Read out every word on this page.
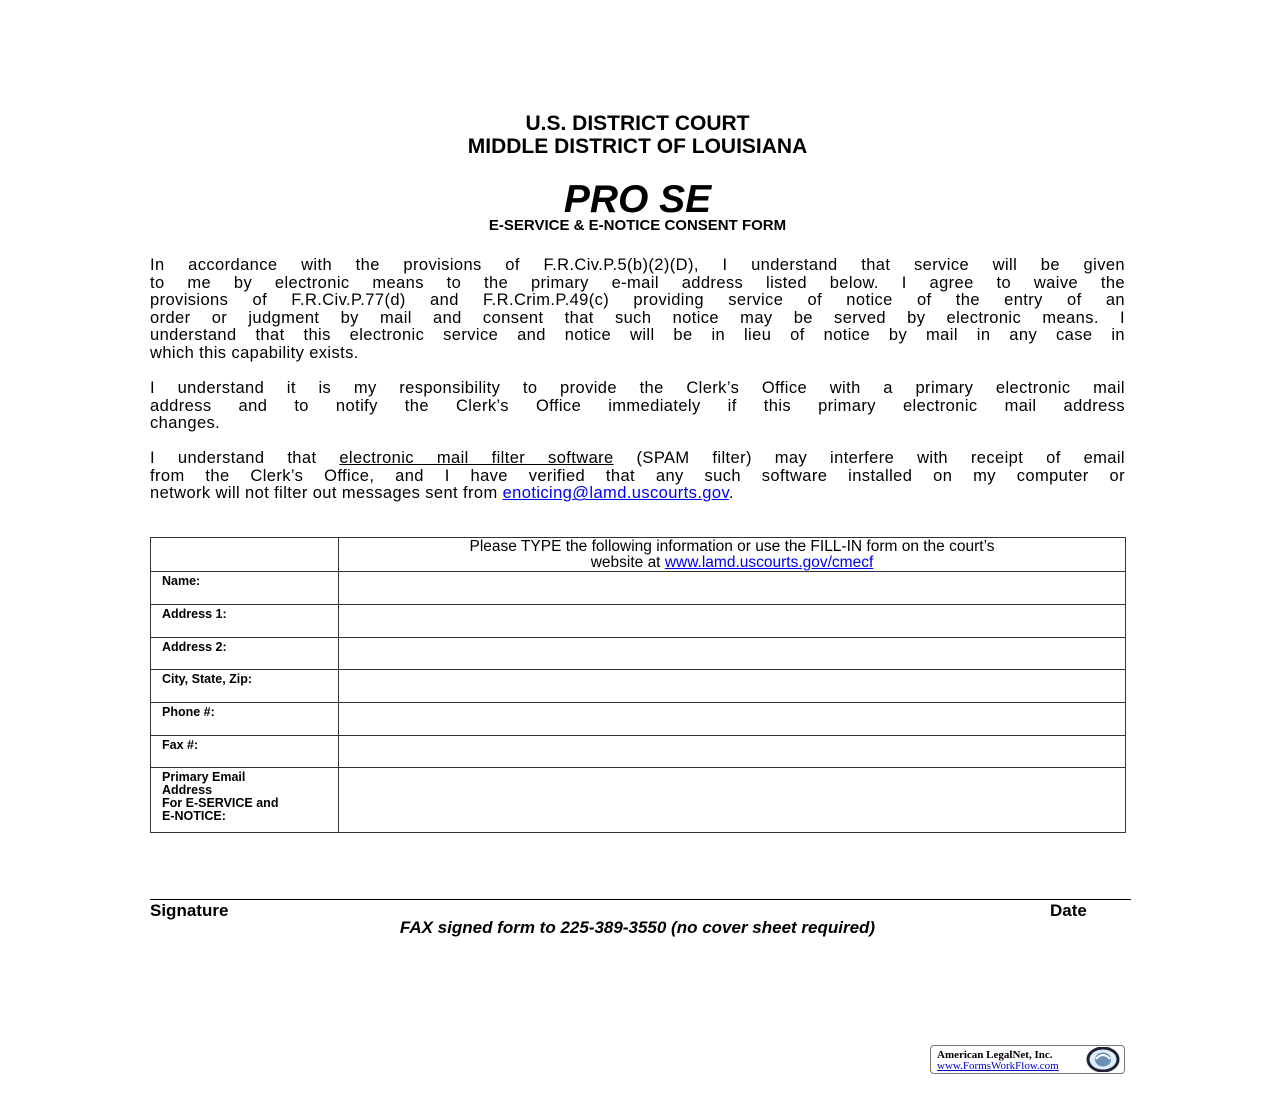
U.S. DISTRICT COURT
MIDDLE DISTRICT OF LOUISIANA
PRO SE
E-SERVICE & E-NOTICE CONSENT FORM
In accordance with the provisions of F.R.Civ.P.5(b)(2)(D), I understand that service will be given
to me by electronic means to the primary e-mail address listed below. I agree to waive the
provisions of F.R.Civ.P.77(d) and F.R.Crim.P.49(c) providing service of notice of the entry of an
order or judgment by mail and consent that such notice may be served by electronic means. I
understand that this electronic service and notice will be in lieu of notice by mail in any case in
which this capability exists.
I understand it is my responsibility to provide the Clerk’s Office with a primary electronic mail
address and to notify the Clerk’s Office immediately if this primary electronic mail address
changes.
I understand that electronic mail filter software (SPAM filter) may interfere with receipt of email
from the Clerk’s Office, and I have verified that any such software installed on my computer or
network will not filter out messages sent from enoticing@lamd.uscourts.gov.

	Please TYPE the following information or use the FILL-IN form on the court’s
website at www.lamd.uscourts.gov/cmecf

Name:	
Address 1:	
Address 2:	
City, State, Zip:	
Phone #:	
Fax #:	

Primary Email
Address
For E-SERVICE and
E-NOTICE:	

Signature	Date
FAX signed form to 225-389-3550 (no cover sheet required)
American LegalNet, Inc.
www.FormsWorkFlow.com
